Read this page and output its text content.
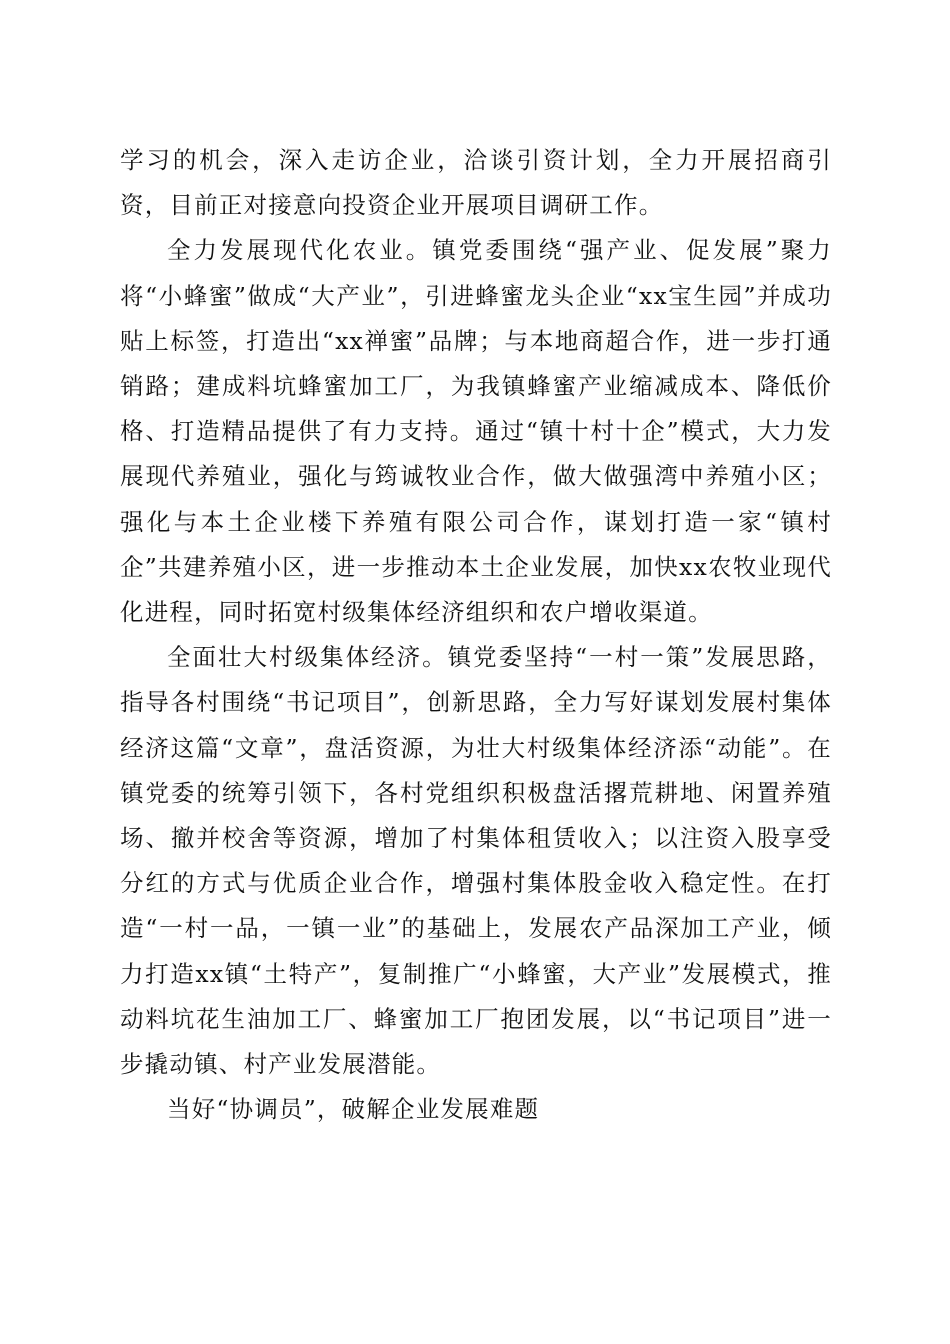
学习的机会，深入走访企业，洽谈引资计划，全力开展招商引资，目前正对接意向投资企业开展项目调研工作。

全力发展现代化农业。镇党委围绕“强产业、促发展”聚力将“小蜂蜜”做成“大产业”，引进蜂蜜龙头企业“xx宝生园”并成功贴上标签，打造出“xx禅蜜”品牌；与本地商超合作，进一步打通销路；建成料坑蜂蜜加工厂，为我镇蜂蜜产业缩减成本、降低价格、打造精品提供了有力支持。通过“镇十村十企”模式，大力发展现代养殖业，强化与筠诚牧业合作，做大做强湾中养殖小区；强化与本土企业楼下养殖有限公司合作，谋划打造一家“镇村企”共建养殖小区，进一步推动本土企业发展，加快xx农牧业现代化进程，同时拓宽村级集体经济组织和农户增收渠道。

全面壮大村级集体经济。镇党委坚持“一村一策”发展思路，指导各村围绕“书记项目”，创新思路，全力写好谋划发展村集体经济这篇“文章”，盘活资源，为壮大村级集体经济添“动能”。在镇党委的统筹引领下，各村党组织积极盘活撂荒耕地、闲置养殖场、撤并校舍等资源，增加了村集体租赁收入；以注资入股享受分红的方式与优质企业合作，增强村集体股金收入稳定性。在打造“一村一品，一镇一业”的基础上，发展农产品深加工产业，倾力打造xx镇“土特产”，复制推广“小蜂蜜，大产业”发展模式，推动料坑花生油加工厂、蜂蜜加工厂抱团发展，以“书记项目”进一步撬动镇、村产业发展潜能。

当好“协调员”，破解企业发展难题
